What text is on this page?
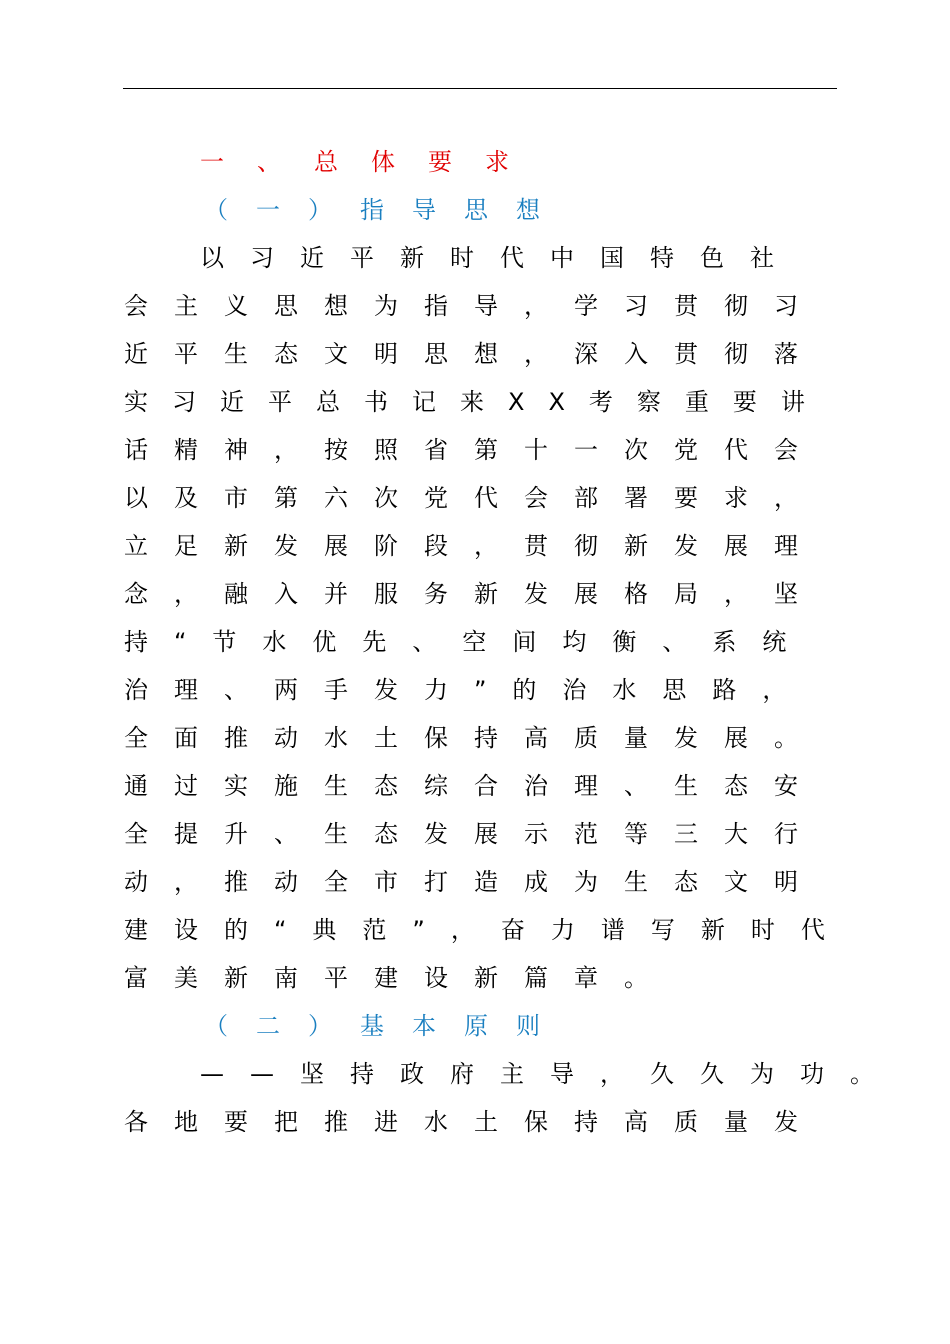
一、总体要求
（一）指导思想
以习近平新时代中国特色社
会主义思想为指导，学习贯彻习
近平生态文明思想，深入贯彻落
实习近平总书记来XX考察重要讲
话精神，按照省第十一次党代会
以及市第六次党代会部署要求，
立足新发展阶段，贯彻新发展理
念，融入并服务新发展格局，坚
持“节水优先、空间均衡、系统
治理、两手发力”的治水思路，
全面推动水土保持高质量发展。
通过实施生态综合治理、生态安
全提升、生态发展示范等三大行
动，推动全市打造成为生态文明
建设的“典范”，奋力谱写新时代
富美新南平建设新篇章。
（二）基本原则
——坚持政府主导，久久为功。
各地要把推进水土保持高质量发
